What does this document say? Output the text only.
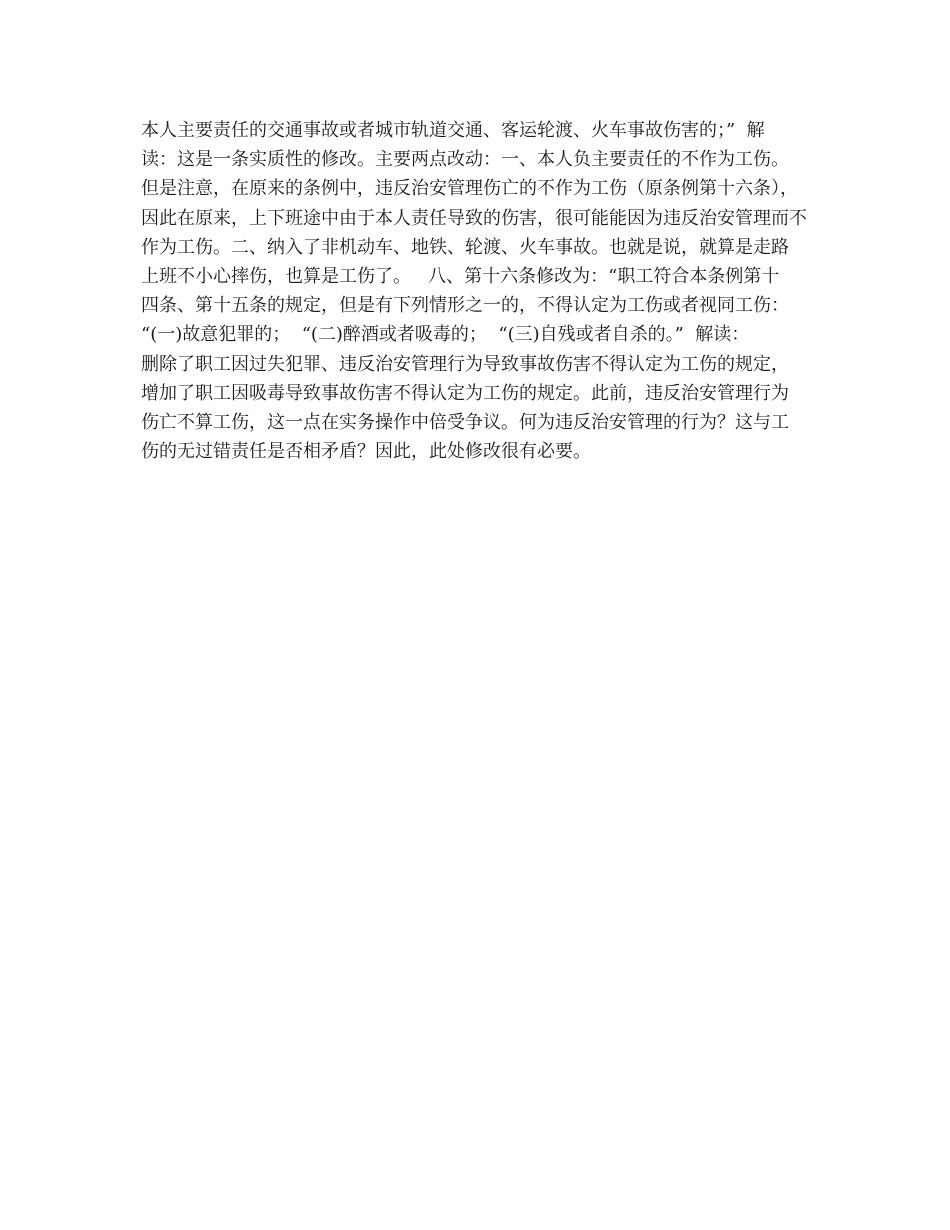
本人主要责任的交通事故或者城市轨道交通、客运轮渡、火车事故伤害的；”  解
读：这是一条实质性的修改。主要两点改动：一、本人负主要责任的不作为工伤。
但是注意，在原来的条例中，违反治安管理伤亡的不作为工伤（原条例第十六条），
因此在原来，上下班途中由于本人责任导致的伤害，很可能能因为违反治安管理而不
作为工伤。二、纳入了非机动车、地铁、轮渡、火车事故。也就是说，就算是走路
上班不小心摔伤，也算是工伤了。   八、第十六条修改为：“职工符合本条例第十
四条、第十五条的规定，但是有下列情形之一的，不得认定为工伤或者视同工伤：
“(一)故意犯罪的；  “(二)醉酒或者吸毒的；  “(三)自残或者自杀的。”  解读：
删除了职工因过失犯罪、违反治安管理行为导致事故伤害不得认定为工伤的规定，
增加了职工因吸毒导致事故伤害不得认定为工伤的规定。此前，违反治安管理行为
伤亡不算工伤，这一点在实务操作中倍受争议。何为违反治安管理的行为？这与工
伤的无过错责任是否相矛盾？因此，此处修改很有必要。
